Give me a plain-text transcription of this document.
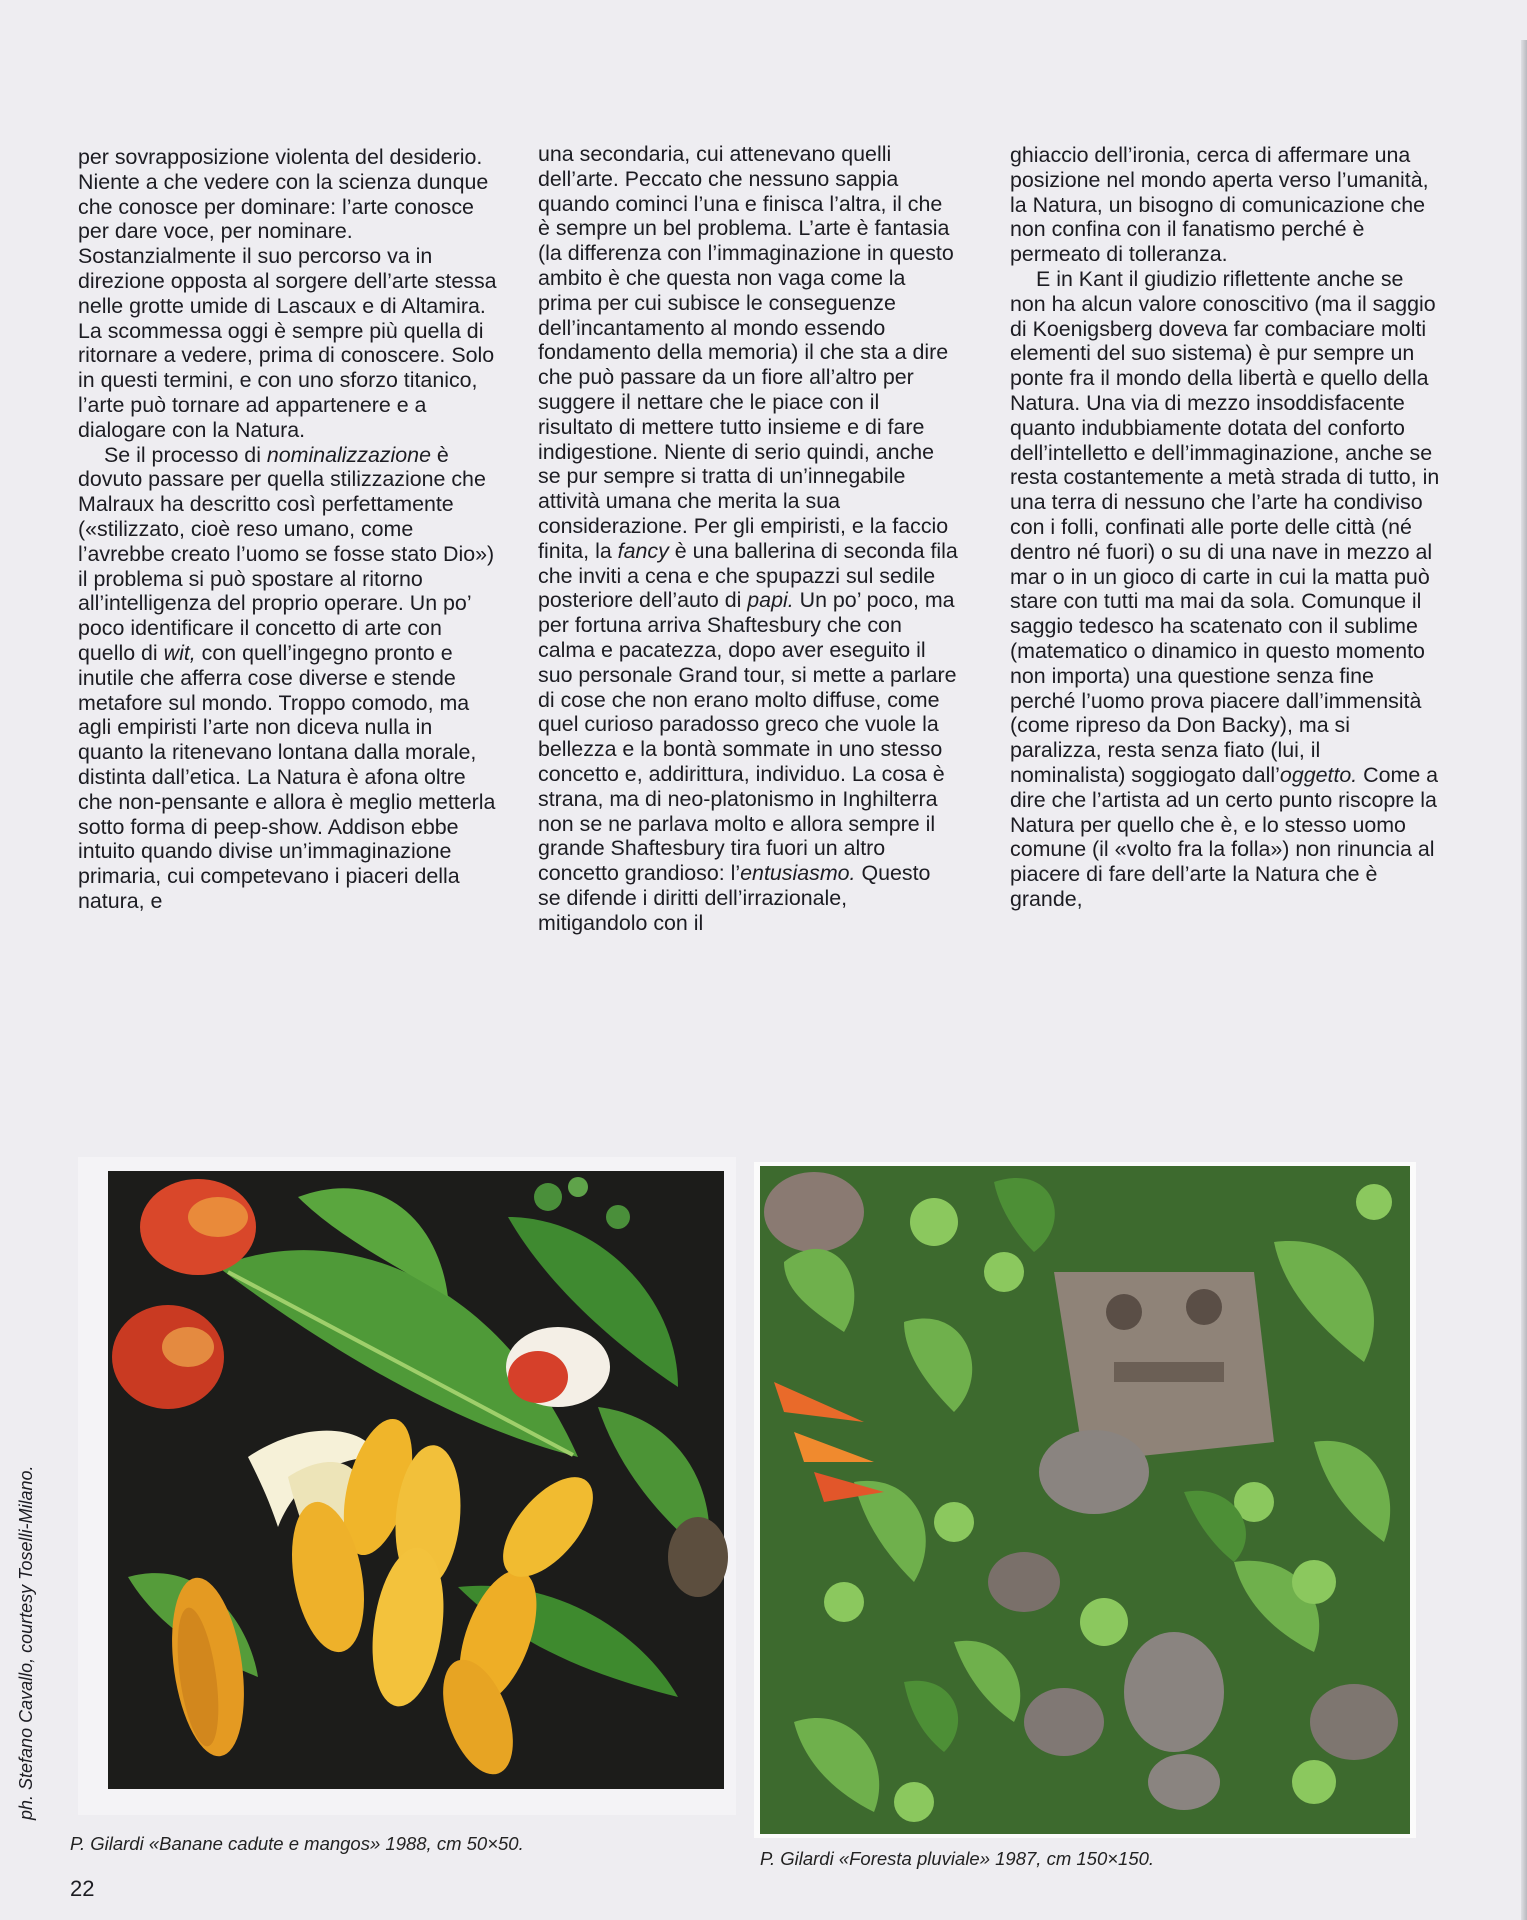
per sovrapposizione violenta del desiderio. Niente a che vedere con la scienza dunque che conosce per dominare: l’arte conosce per dare voce, per nominare. Sostanzialmente il suo percorso va in direzione opposta al sorgere dell’arte stessa nelle grotte umide di Lascaux e di Altamira. La scommessa oggi è sempre più quella di ritornare a vedere, prima di conoscere. Solo in questi termini, e con uno sforzo titanico, l’arte può tornare ad appartenere e a dialogare con la Natura.

Se il processo di nominalizzazione è dovuto passare per quella stilizzazione che Malraux ha descritto così perfettamente («stilizzato, cioè reso umano, come l’avrebbe creato l’uomo se fosse stato Dio») il problema si può spostare al ritorno all’intelligenza del proprio operare. Un po’ poco identificare il concetto di arte con quello di wit, con quell’ingegno pronto e inutile che afferra cose diverse e stende metafore sul mondo. Troppo comodo, ma agli empiristi l’arte non diceva nulla in quanto la ritenevano lontana dalla morale, distinta dall’etica. La Natura è afona oltre che non-pensante e allora è meglio metterla sotto forma di peep-show. Addison ebbe intuito quando divise un’immaginazione primaria, cui competevano i piaceri della natura, e

una secondaria, cui attenevano quelli dell’arte. Peccato che nessuno sappia quando cominci l’una e finisca l’altra, il che è sempre un bel problema. L’arte è fantasia (la differenza con l’immaginazione in questo ambito è che questa non vaga come la prima per cui subisce le conseguenze dell’incantamento al mondo essendo fondamento della memoria) il che sta a dire che può passare da un fiore all’altro per suggere il nettare che le piace con il risultato di mettere tutto insieme e di fare indigestione. Niente di serio quindi, anche se pur sempre si tratta di un’innegabile attività umana che merita la sua considerazione. Per gli empiristi, e la faccio finita, la fancy è una ballerina di seconda fila che inviti a cena e che spupazzi sul sedile posteriore dell’auto di papi. Un po’ poco, ma per fortuna arriva Shaftesbury che con calma e pacatezza, dopo aver eseguito il suo personale Grand tour, si mette a parlare di cose che non erano molto diffuse, come quel curioso paradosso greco che vuole la bellezza e la bontà sommate in uno stesso concetto e, addirittura, individuo. La cosa è strana, ma di neo-platonismo in Inghilterra non se ne parlava molto e allora sempre il grande Shaftesbury tira fuori un altro concetto grandioso: l’entusiasmo. Questo se difende i diritti dell’irrazionale, mitigandolo con il

ghiaccio dell’ironia, cerca di affermare una posizione nel mondo aperta verso l’umanità, la Natura, un bisogno di comunicazione che non confina con il fanatismo perché è permeato di tolleranza.

E in Kant il giudizio riflettente anche se non ha alcun valore conoscitivo (ma il saggio di Koenigsberg doveva far combaciare molti elementi del suo sistema) è pur sempre un ponte fra il mondo della libertà e quello della Natura. Una via di mezzo insoddisfacente quanto indubbiamente dotata del conforto dell’intelletto e dell’immaginazione, anche se resta costantemente a metà strada di tutto, in una terra di nessuno che l’arte ha condiviso con i folli, confinati alle porte delle città (né dentro né fuori) o su di una nave in mezzo al mar o in un gioco di carte in cui la matta può stare con tutti ma mai da sola. Comunque il saggio tedesco ha scatenato con il sublime (matematico o dinamico in questo momento non importa) una questione senza fine perché l’uomo prova piacere dall’immensità (come ripreso da Don Backy), ma si paralizza, resta senza fiato (lui, il nominalista) soggiogato dall’oggetto. Come a dire che l’artista ad un certo punto riscopre la Natura per quello che è, e lo stesso uomo comune (il «volto fra la folla») non rinuncia al piacere di fare dell’arte la Natura che è grande,

P. Gilardi «Banane cadute e mangos» 1988, cm 50×50.
P. Gilardi «Foresta pluviale» 1987, cm 150×150.
ph. Stefano Cavallo, courtesy Toselli-Milano.
22
